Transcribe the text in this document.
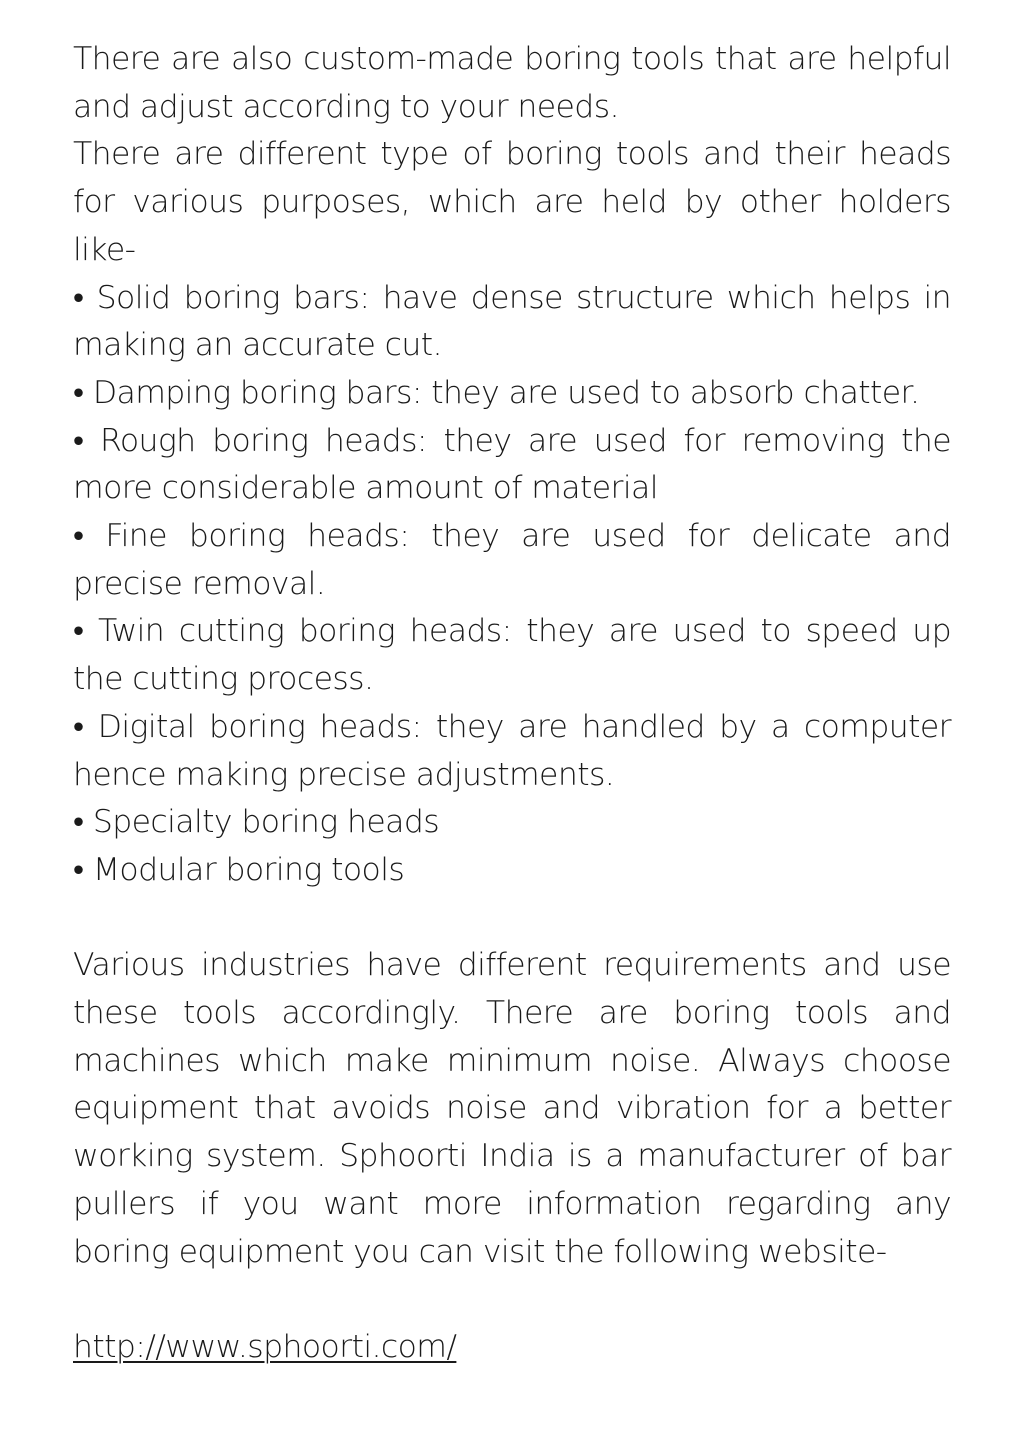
There are also custom-made boring tools that are helpful and adjust according to your needs.

There are different type of boring tools and their heads for various purposes, which are held by other holders like-

• Solid boring bars: have dense structure which helps in making an accurate cut.

• Damping boring bars: they are used to absorb chatter.

• Rough boring heads: they are used for removing the more considerable amount of material

• Fine boring heads: they are used for delicate and precise removal.

• Twin cutting boring heads: they are used to speed up the cutting process.

• Digital boring heads: they are handled by a computer hence making precise adjustments.

• Specialty boring heads

• Modular boring tools

Various industries have different requirements and use these tools accordingly. There are boring tools and machines which make minimum noise. Always choose equipment that avoids noise and vibration for a better working system. Sphoorti India is a manufacturer of bar pullers if you want more information regarding any boring equipment you can visit the following website-

http://www.sphoorti.com/
